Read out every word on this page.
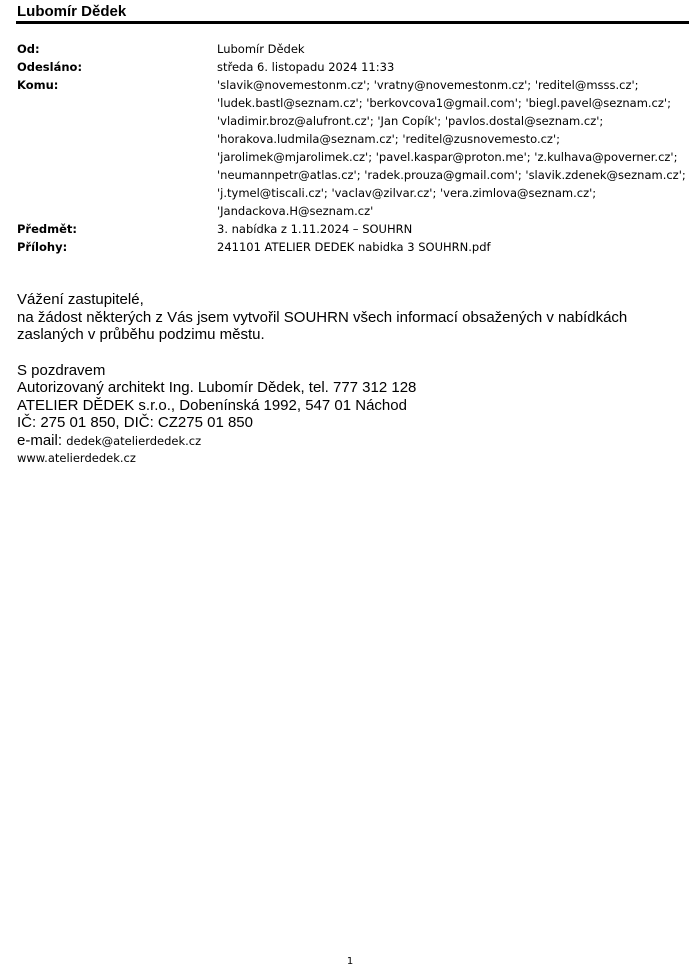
Lubomír Dědek
Od:	Lubomír Dědek
Odesláno:	středa 6. listopadu 2024 11:33
Komu:	'slavik@novemestonm.cz'; 'vratny@novemestonm.cz'; 'reditel@msss.cz';
'ludek.bastl@seznam.cz'; 'berkovcova1@gmail.com'; 'biegl.pavel@seznam.cz';
'vladimir.broz@alufront.cz'; 'Jan Copík'; 'pavlos.dostal@seznam.cz';
'horakova.ludmila@seznam.cz'; 'reditel@zusnovemesto.cz';
'jarolimek@mjarolimek.cz'; 'pavel.kaspar@proton.me'; 'z.kulhava@poverner.cz';
'neumannpetr@atlas.cz'; 'radek.prouza@gmail.com'; 'slavik.zdenek@seznam.cz';
'j.tymel@tiscali.cz'; 'vaclav@zilvar.cz'; 'vera.zimlova@seznam.cz';
'Jandackova.H@seznam.cz'
Předmět:	3. nabídka z 1.11.2024 – SOUHRN
Přílohy:	241101 ATELIER DEDEK nabidka 3 SOUHRN.pdf

Vážení zastupitelé,

na žádost některých z Vás jsem vytvořil SOUHRN všech informací obsažených v nabídkách

zaslaných v průběhu podzimu městu.

S pozdravem

Autorizovaný architekt Ing. Lubomír Dědek, tel. 777 312 128

ATELIER DĚDEK s.r.o., Dobenínská 1992, 547 01 Náchod

IČ: 275 01 850, DIČ: CZ275 01 850

e-mail: dedek@atelierdedek.cz

www.atelierdedek.cz

1
